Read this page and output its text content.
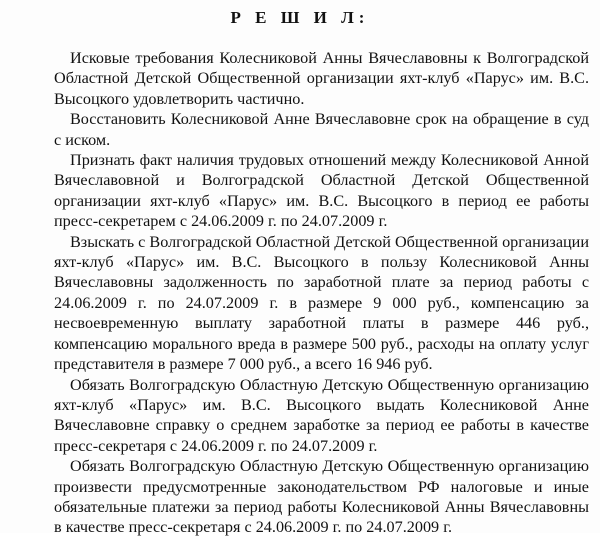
Р Е Ш И Л:

Исковые требования Колесниковой Анны Вячеславовны к Волгоградской Областной Детской Общественной организации яхт-клуб «Парус» им. В.С. Высоцкого удовлетворить частично.

Восстановить Колесниковой Анне Вячеславовне срок на обращение в суд с иском.

Признать факт наличия трудовых отношений между Колесниковой Анной Вячеславовной и Волгоградской Областной Детской Общественной организации яхт-клуб «Парус» им. В.С. Высоцкого в период ее работы пресс-секретарем с 24.06.2009 г. по 24.07.2009 г.

Взыскать с Волгоградской Областной Детской Общественной организации яхт-клуб «Парус» им. В.С. Высоцкого в пользу Колесниковой Анны Вячеславовны задолженность по заработной плате за период работы с 24.06.2009 г. по 24.07.2009 г. в размере 9 000 руб., компенсацию за несвоевременную выплату заработной платы в размере 446 руб., компенсацию морального вреда в размере 500 руб., расходы на оплату услуг представителя в размере 7 000 руб., а всего 16 946 руб.

Обязать Волгоградскую Областную Детскую Общественную организацию яхт-клуб «Парус» им. В.С. Высоцкого выдать Колесниковой Анне Вячеславовне справку о среднем заработке за период ее работы в качестве пресс-секретаря с 24.06.2009 г. по 24.07.2009 г.

Обязать Волгоградскую Областную Детскую Общественную организацию произвести предусмотренные законодательством РФ налоговые и иные обязательные платежи за период работы Колесниковой Анны Вячеславовны в качестве пресс-секретаря с 24.06.2009 г. по 24.07.2009 г.
